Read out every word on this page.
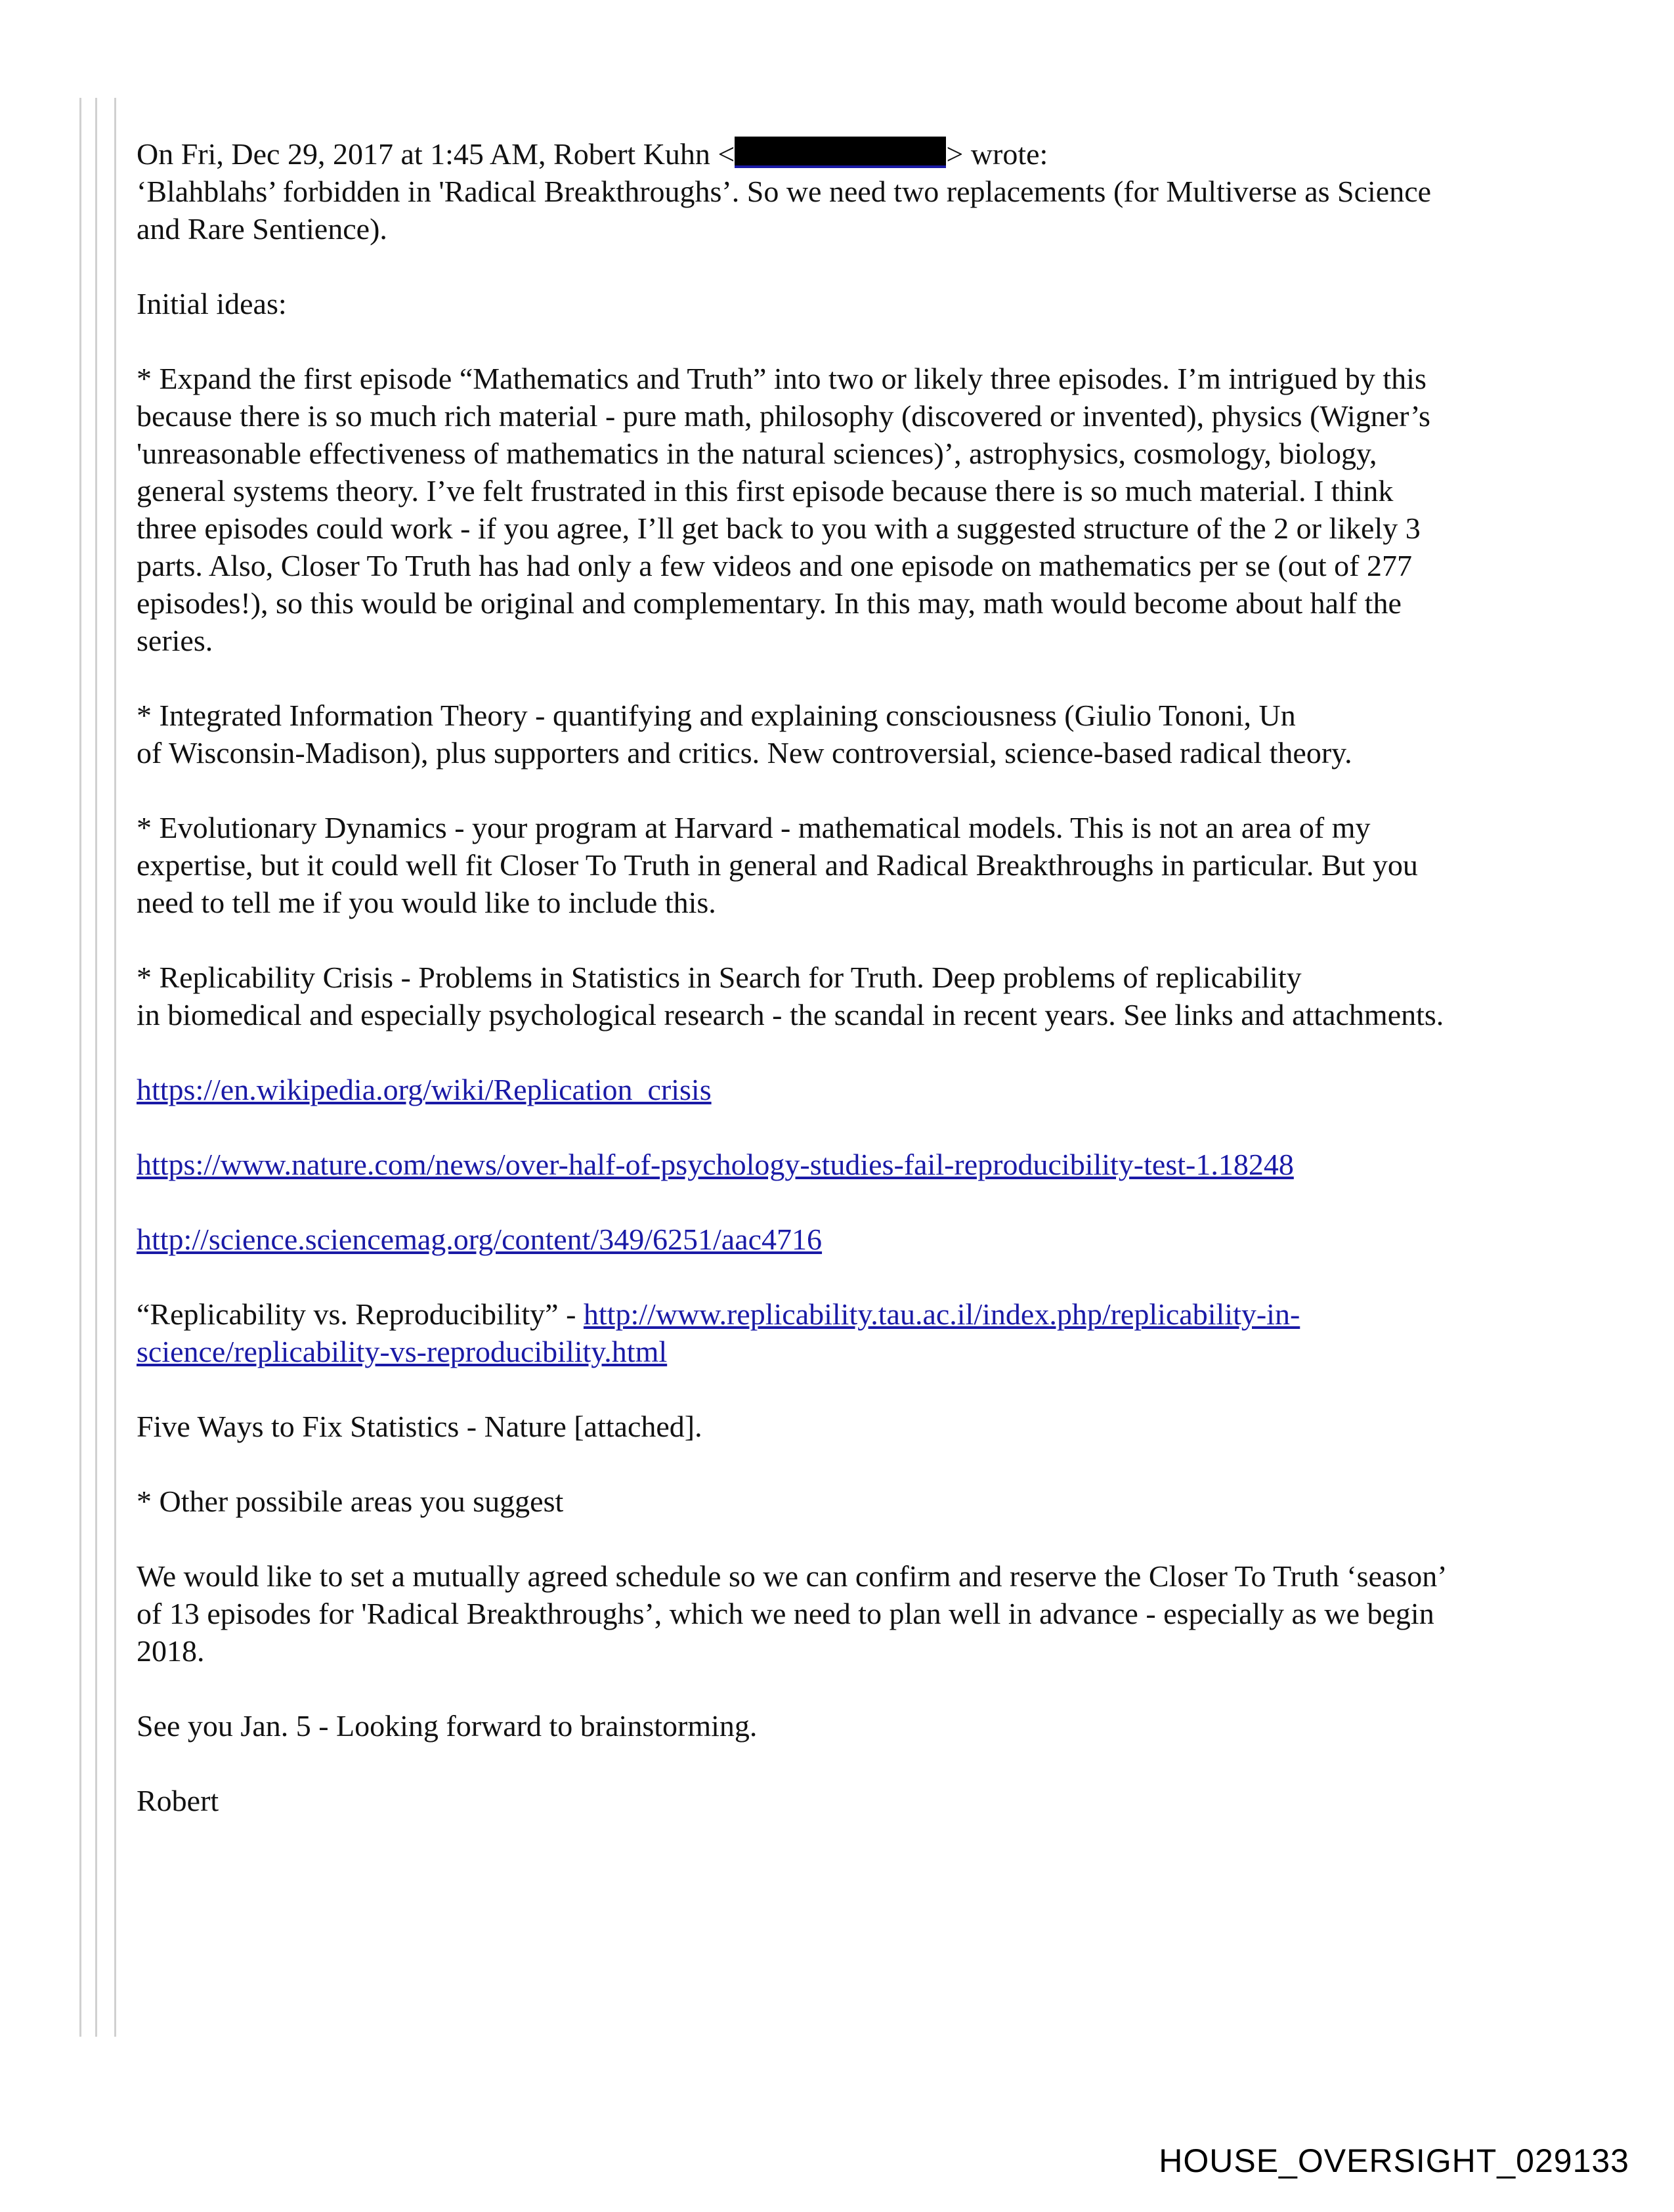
On Fri, Dec 29, 2017 at 1:45 AM, Robert Kuhn <	> wrote:
‘Blahblahs’ forbidden in 'Radical Breakthroughs’. So we need two replacements (for Multiverse as Science
and Rare Sentience).
Initial ideas:
* Expand the first episode “Mathematics and Truth” into two or likely three episodes. I’m intrigued by this
because there is so much rich material - pure math, philosophy (discovered or invented), physics (Wigner’s
'unreasonable effectiveness of mathematics in the natural sciences)’, astrophysics, cosmology, biology,
general systems theory. I’ve felt frustrated in this first episode because there is so much material. I think
three episodes could work - if you agree, I’ll get back to you with a suggested structure of the 2 or likely 3
parts. Also, Closer To Truth has had only a few videos and one episode on mathematics per se (out of 277
episodes!), so this would be original and complementary. In this may, math would become about half the
series.
* Integrated Information Theory - quantifying and explaining consciousness (Giulio Tononi, Un
of Wisconsin-Madison), plus supporters and critics. New controversial, science-based radical theory.
* Evolutionary Dynamics - your program at Harvard - mathematical models. This is not an area of my
expertise, but it could well fit Closer To Truth in general and Radical Breakthroughs in particular. But you
need to tell me if you would like to include this.
* Replicability Crisis - Problems in Statistics in Search for Truth. Deep problems of replicability
in biomedical and especially psychological research - the scandal in recent years. See links and attachments.
https://en.wikipedia.org/wiki/Replication_crisis
https://www.nature.com/news/over-half-of-psychology-studies-fail-reproducibility-test-1.18248
http://science.sciencemag.org/content/349/6251/aac4716
“Replicability vs. Reproducibility” - http://www.replicability.tau.ac.il/index.php/replicability-in-
science/replicability-vs-reproducibility.html
Five Ways to Fix Statistics - Nature [attached].
* Other possibile areas you suggest
We would like to set a mutually agreed schedule so we can confirm and reserve the Closer To Truth ‘season’
of 13 episodes for 'Radical Breakthroughs’, which we need to plan well in advance - especially as we begin
2018.
See you Jan. 5 - Looking forward to brainstorming.
Robert
HOUSE_OVERSIGHT_029133
